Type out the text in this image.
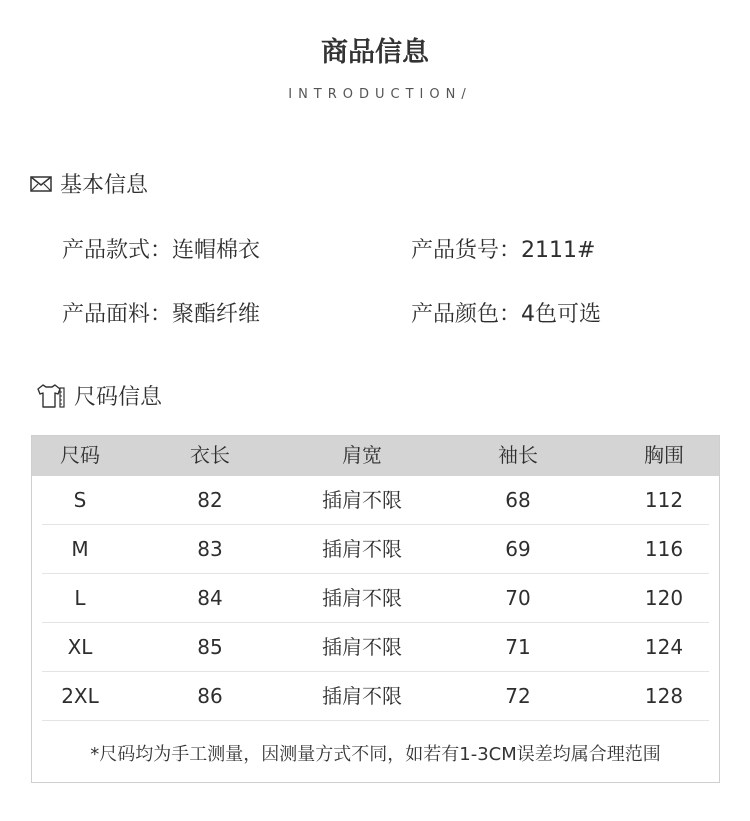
商品信息
INTRODUCTION/
基本信息
产品款式：连帽棉衣	产品货号：2111#
产品面料：聚酯纤维	产品颜色：4色可选
尺码信息
尺码	衣长	肩宽	袖长	胸围
S	82	插肩不限	68	112
M	83	插肩不限	69	116
L	84	插肩不限	70	120
XL	85	插肩不限	71	124
2XL	86	插肩不限	72	128
*尺码均为手工测量，因测量方式不同，如若有1-3CM误差均属合理范围
